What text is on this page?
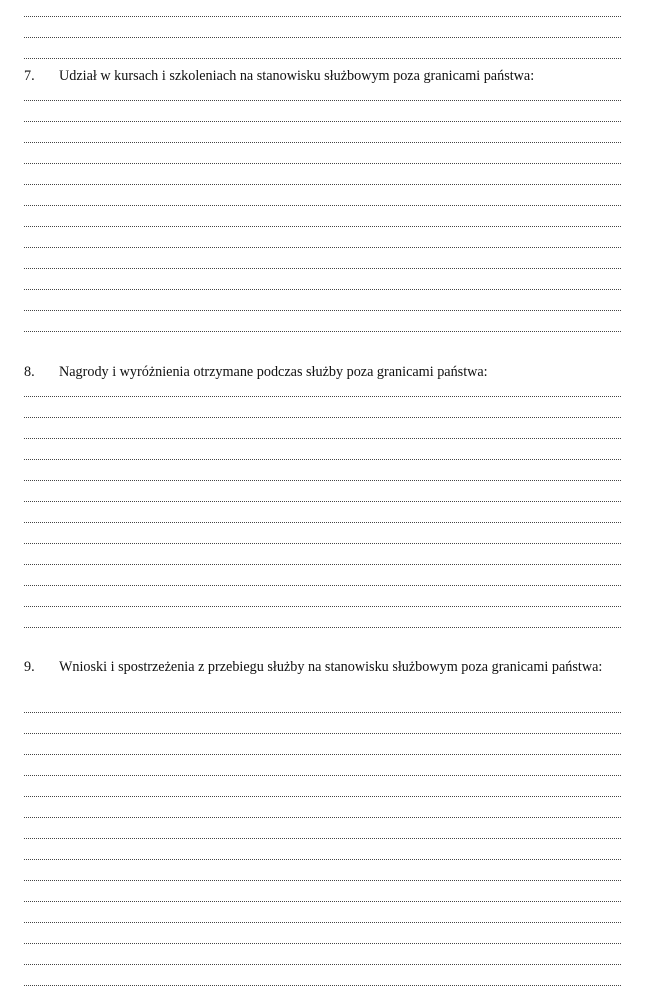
7. Udział w kursach i szkoleniach na stanowisku służbowym poza granicami państwa:
8. Nagrody i wyróżnienia otrzymane podczas służby poza granicami państwa:
9. Wnioski i spostrzeżenia z przebiegu służby na stanowisku służbowym poza granicami państwa:
